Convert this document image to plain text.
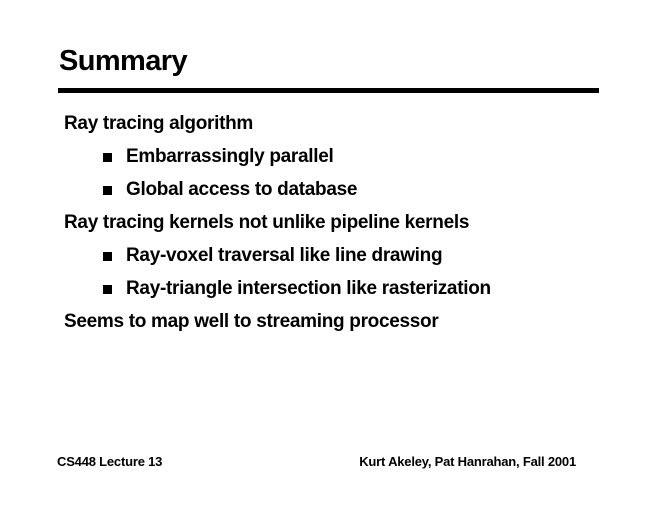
Summary
Ray tracing algorithm
Embarrassingly parallel
Global access to database
Ray tracing kernels not unlike pipeline kernels
Ray-voxel traversal like line drawing
Ray-triangle intersection like rasterization
Seems to map well to streaming processor
CS448 Lecture 13	Kurt Akeley, Pat Hanrahan, Fall 2001
